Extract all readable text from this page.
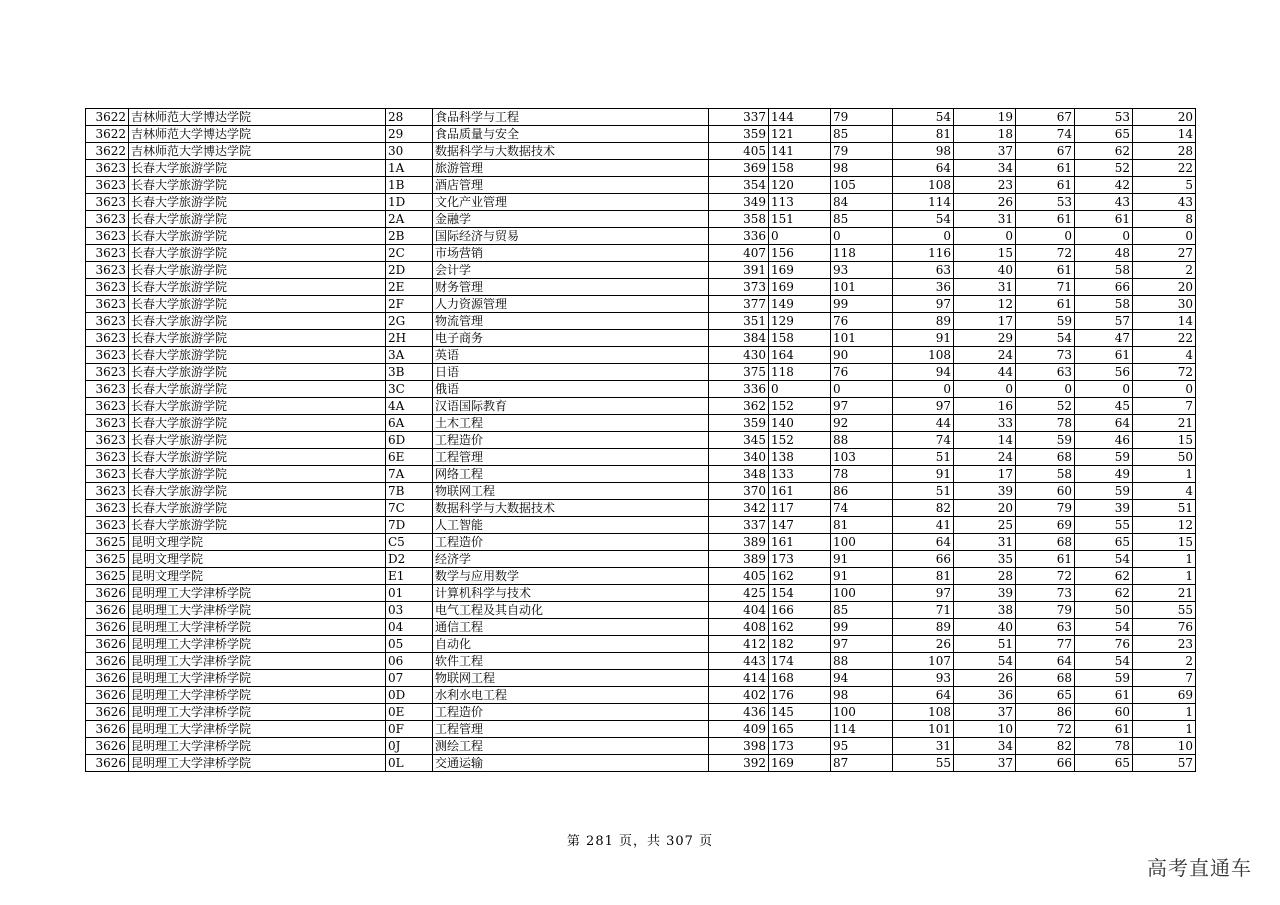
3622	吉林师范大学博达学院	28	食品科学与工程	337	144	79	54	19	67	53	20
3622	吉林师范大学博达学院	29	食品质量与安全	359	121	85	81	18	74	65	14
3622	吉林师范大学博达学院	30	数据科学与大数据技术	405	141	79	98	37	67	62	28
3623	长春大学旅游学院	1A	旅游管理	369	158	98	64	34	61	52	22
3623	长春大学旅游学院	1B	酒店管理	354	120	105	108	23	61	42	5
3623	长春大学旅游学院	1D	文化产业管理	349	113	84	114	26	53	43	43
3623	长春大学旅游学院	2A	金融学	358	151	85	54	31	61	61	8
3623	长春大学旅游学院	2B	国际经济与贸易	336	0	0	0	0	0	0	0
3623	长春大学旅游学院	2C	市场营销	407	156	118	116	15	72	48	27
3623	长春大学旅游学院	2D	会计学	391	169	93	63	40	61	58	2
3623	长春大学旅游学院	2E	财务管理	373	169	101	36	31	71	66	20
3623	长春大学旅游学院	2F	人力资源管理	377	149	99	97	12	61	58	30
3623	长春大学旅游学院	2G	物流管理	351	129	76	89	17	59	57	14
3623	长春大学旅游学院	2H	电子商务	384	158	101	91	29	54	47	22
3623	长春大学旅游学院	3A	英语	430	164	90	108	24	73	61	4
3623	长春大学旅游学院	3B	日语	375	118	76	94	44	63	56	72
3623	长春大学旅游学院	3C	俄语	336	0	0	0	0	0	0	0
3623	长春大学旅游学院	4A	汉语国际教育	362	152	97	97	16	52	45	7
3623	长春大学旅游学院	6A	土木工程	359	140	92	44	33	78	64	21
3623	长春大学旅游学院	6D	工程造价	345	152	88	74	14	59	46	15
3623	长春大学旅游学院	6E	工程管理	340	138	103	51	24	68	59	50
3623	长春大学旅游学院	7A	网络工程	348	133	78	91	17	58	49	1
3623	长春大学旅游学院	7B	物联网工程	370	161	86	51	39	60	59	4
3623	长春大学旅游学院	7C	数据科学与大数据技术	342	117	74	82	20	79	39	51
3623	长春大学旅游学院	7D	人工智能	337	147	81	41	25	69	55	12
3625	昆明文理学院	C5	工程造价	389	161	100	64	31	68	65	15
3625	昆明文理学院	D2	经济学	389	173	91	66	35	61	54	1
3625	昆明文理学院	E1	数学与应用数学	405	162	91	81	28	72	62	1
3626	昆明理工大学津桥学院	01	计算机科学与技术	425	154	100	97	39	73	62	21
3626	昆明理工大学津桥学院	03	电气工程及其自动化	404	166	85	71	38	79	50	55
3626	昆明理工大学津桥学院	04	通信工程	408	162	99	89	40	63	54	76
3626	昆明理工大学津桥学院	05	自动化	412	182	97	26	51	77	76	23
3626	昆明理工大学津桥学院	06	软件工程	443	174	88	107	54	64	54	2
3626	昆明理工大学津桥学院	07	物联网工程	414	168	94	93	26	68	59	7
3626	昆明理工大学津桥学院	0D	水利水电工程	402	176	98	64	36	65	61	69
3626	昆明理工大学津桥学院	0E	工程造价	436	145	100	108	37	86	60	1
3626	昆明理工大学津桥学院	0F	工程管理	409	165	114	101	10	72	61	1
3626	昆明理工大学津桥学院	0J	测绘工程	398	173	95	31	34	82	78	10
3626	昆明理工大学津桥学院	0L	交通运输	392	169	87	55	37	66	65	57
第 281 页，共 307 页
高考直通车
